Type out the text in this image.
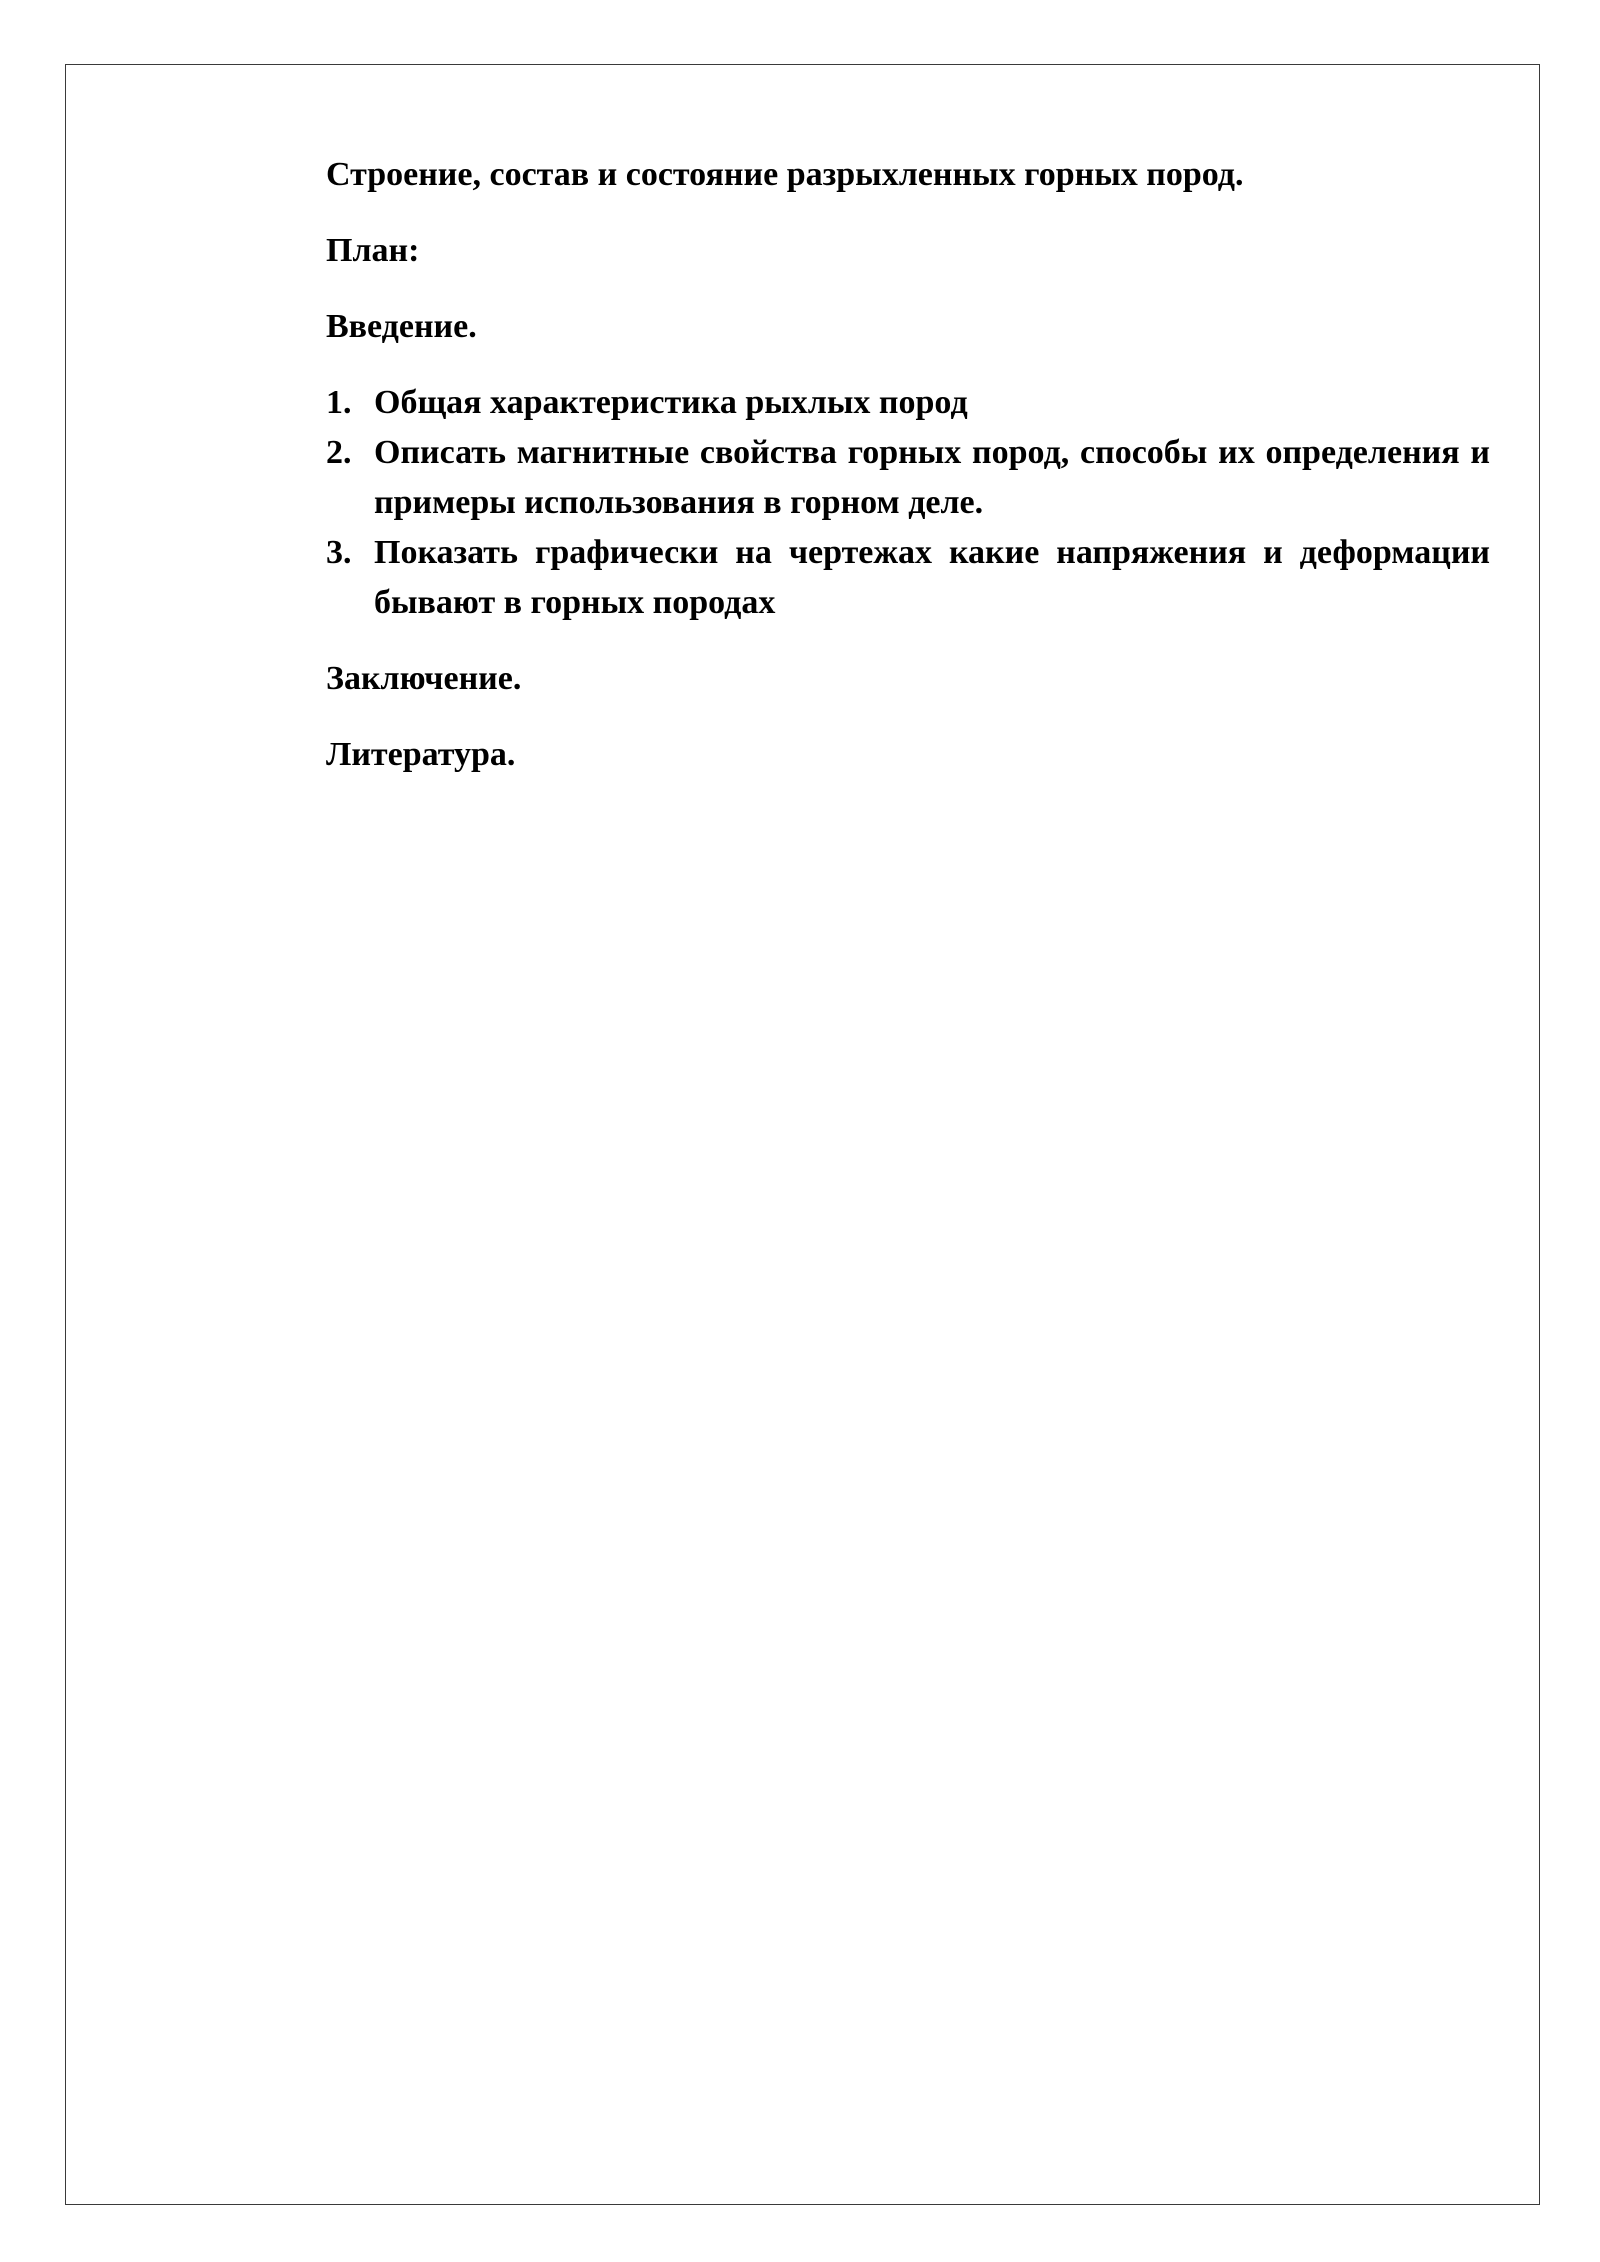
Строение, состав и состояние разрыхленных горных пород.

План:

Введение.

1. Общая характеристика рыхлых пород
2. Описать магнитные свойства горных пород, способы их определения и примеры использования в горном деле.
3. Показать графически на чертежах какие напряжения и деформации бывают в горных породах

Заключение.

Литература.
